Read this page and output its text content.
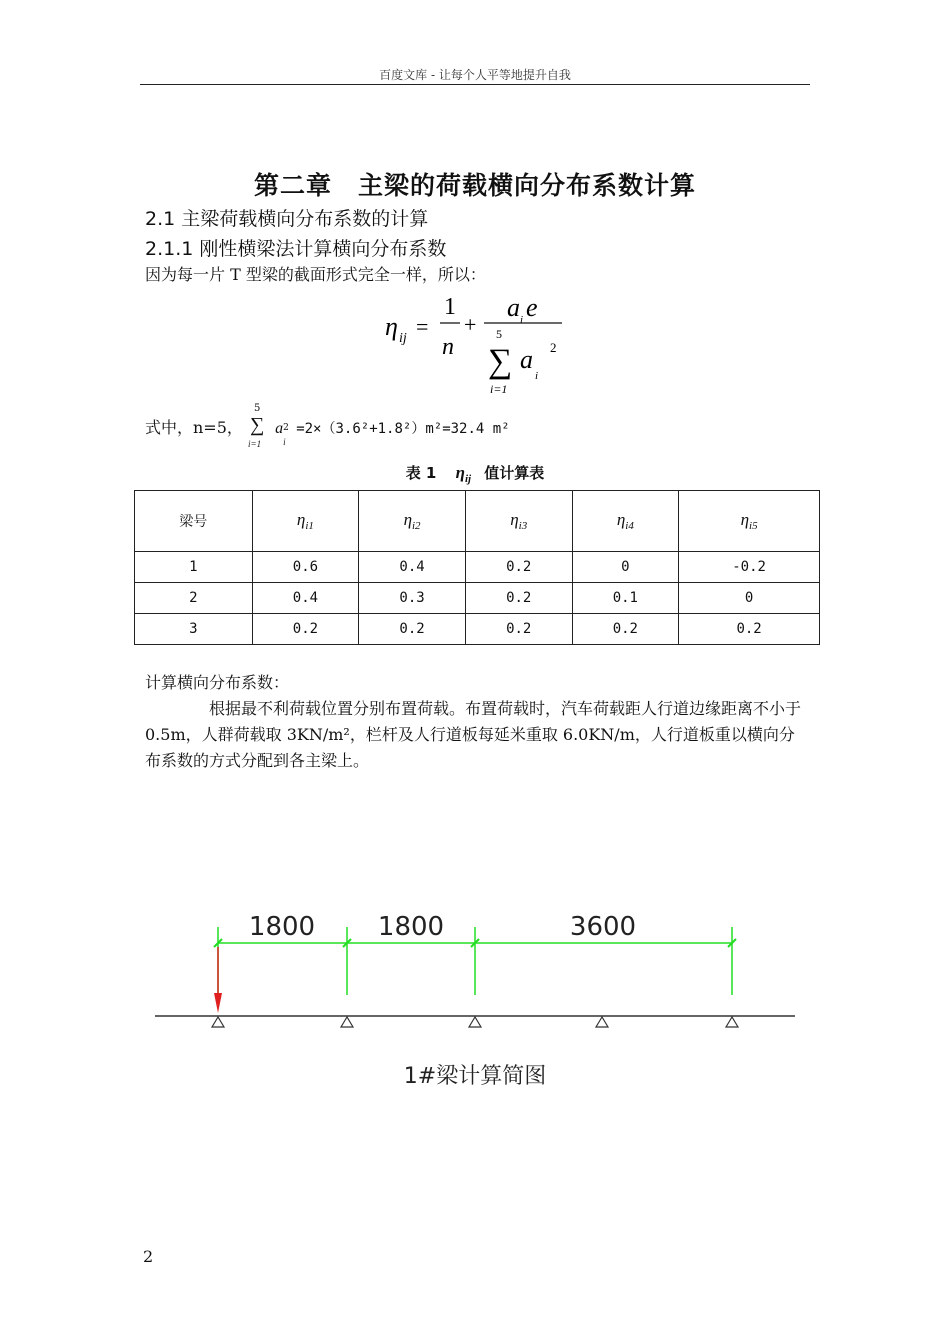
百度文库 - 让每个人平等地提升自我
第二章　主梁的荷载横向分布系数计算
2.1 主梁荷载横向分布系数的计算
2.1.1 刚性横梁法计算横向分布系数
因为每一片 T 型梁的截面形式完全一样，所以：
η ij =
1
n
+
a i e
5
∑
i=1
a
i
2
式中，n=5，
5
∑
i=1
a 2
i
=2×（3.6²+1.8²）m²=32.4 m²
表 1 $\eta_{ij}$ 值计算表
梁号	$\eta_{i1}$	$\eta_{i2}$	$\eta_{i3}$	$\eta_{i4}$	$\eta_{i5}$
1	0.6	0.4	0.2	0	-0.2
2	0.4	0.3	0.2	0.1	0
3	0.2	0.2	0.2	0.2	0.2
计算横向分布系数：
根据最不利荷载位置分别布置荷载。布置荷载时，汽车荷载距人行道边缘距离不小于 0.5m，人群荷载取 3KN/m²，栏杆及人行道板每延米重取 6.0KN/m，人行道板重以横向分布系数的方式分配到各主梁上。
1800 1800	3600
1#梁计算简图
2
